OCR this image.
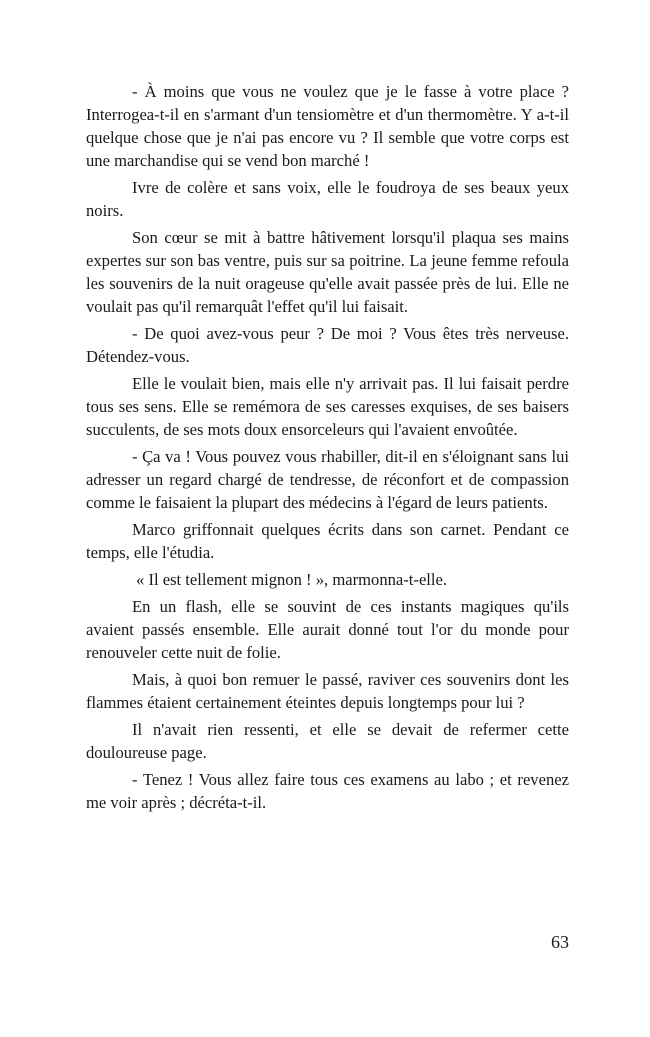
- À moins que vous ne voulez que je le fasse à votre place ? Interrogea-t-il en s'armant d'un tensiomètre et d'un thermomètre. Y a-t-il quelque chose que je n'ai pas encore vu ? Il semble que votre corps est une marchandise qui se vend bon marché !

Ivre de colère et sans voix, elle le foudroya de ses beaux yeux noirs.

Son cœur se mit à battre hâtivement lorsqu'il plaqua ses mains expertes sur son bas ventre, puis sur sa poitrine. La jeune femme refoula les souvenirs de la nuit orageuse qu'elle avait passée près de lui. Elle ne voulait pas qu'il remarquât l'effet qu'il lui faisait.

- De quoi avez-vous peur ? De moi ? Vous êtes très nerveuse. Détendez-vous.

Elle le voulait bien, mais elle n'y arrivait pas. Il lui faisait perdre tous ses sens. Elle se remémora de ses caresses exquises, de ses baisers succulents, de ses mots doux ensorceleurs qui l'avaient envoûtée.

- Ça va ! Vous pouvez vous rhabiller, dit-il en s'éloignant sans lui adresser un regard chargé de tendresse, de réconfort et de compassion comme le faisaient la plupart des médecins à l'égard de leurs patients.

Marco griffonnait quelques écrits dans son carnet. Pendant ce temps, elle l'étudia.

« Il est tellement mignon ! », marmonna-t-elle.

En un flash, elle se souvint de ces instants magiques qu'ils avaient passés ensemble. Elle aurait donné tout l'or du monde pour renouveler cette nuit de folie.

Mais, à quoi bon remuer le passé, raviver ces souvenirs dont les flammes étaient certainement éteintes depuis longtemps pour lui ?

Il n'avait rien ressenti, et elle se devait de refermer cette douloureuse page.

- Tenez ! Vous allez faire tous ces examens au labo ; et revenez me voir après ; décréta-t-il.

63
